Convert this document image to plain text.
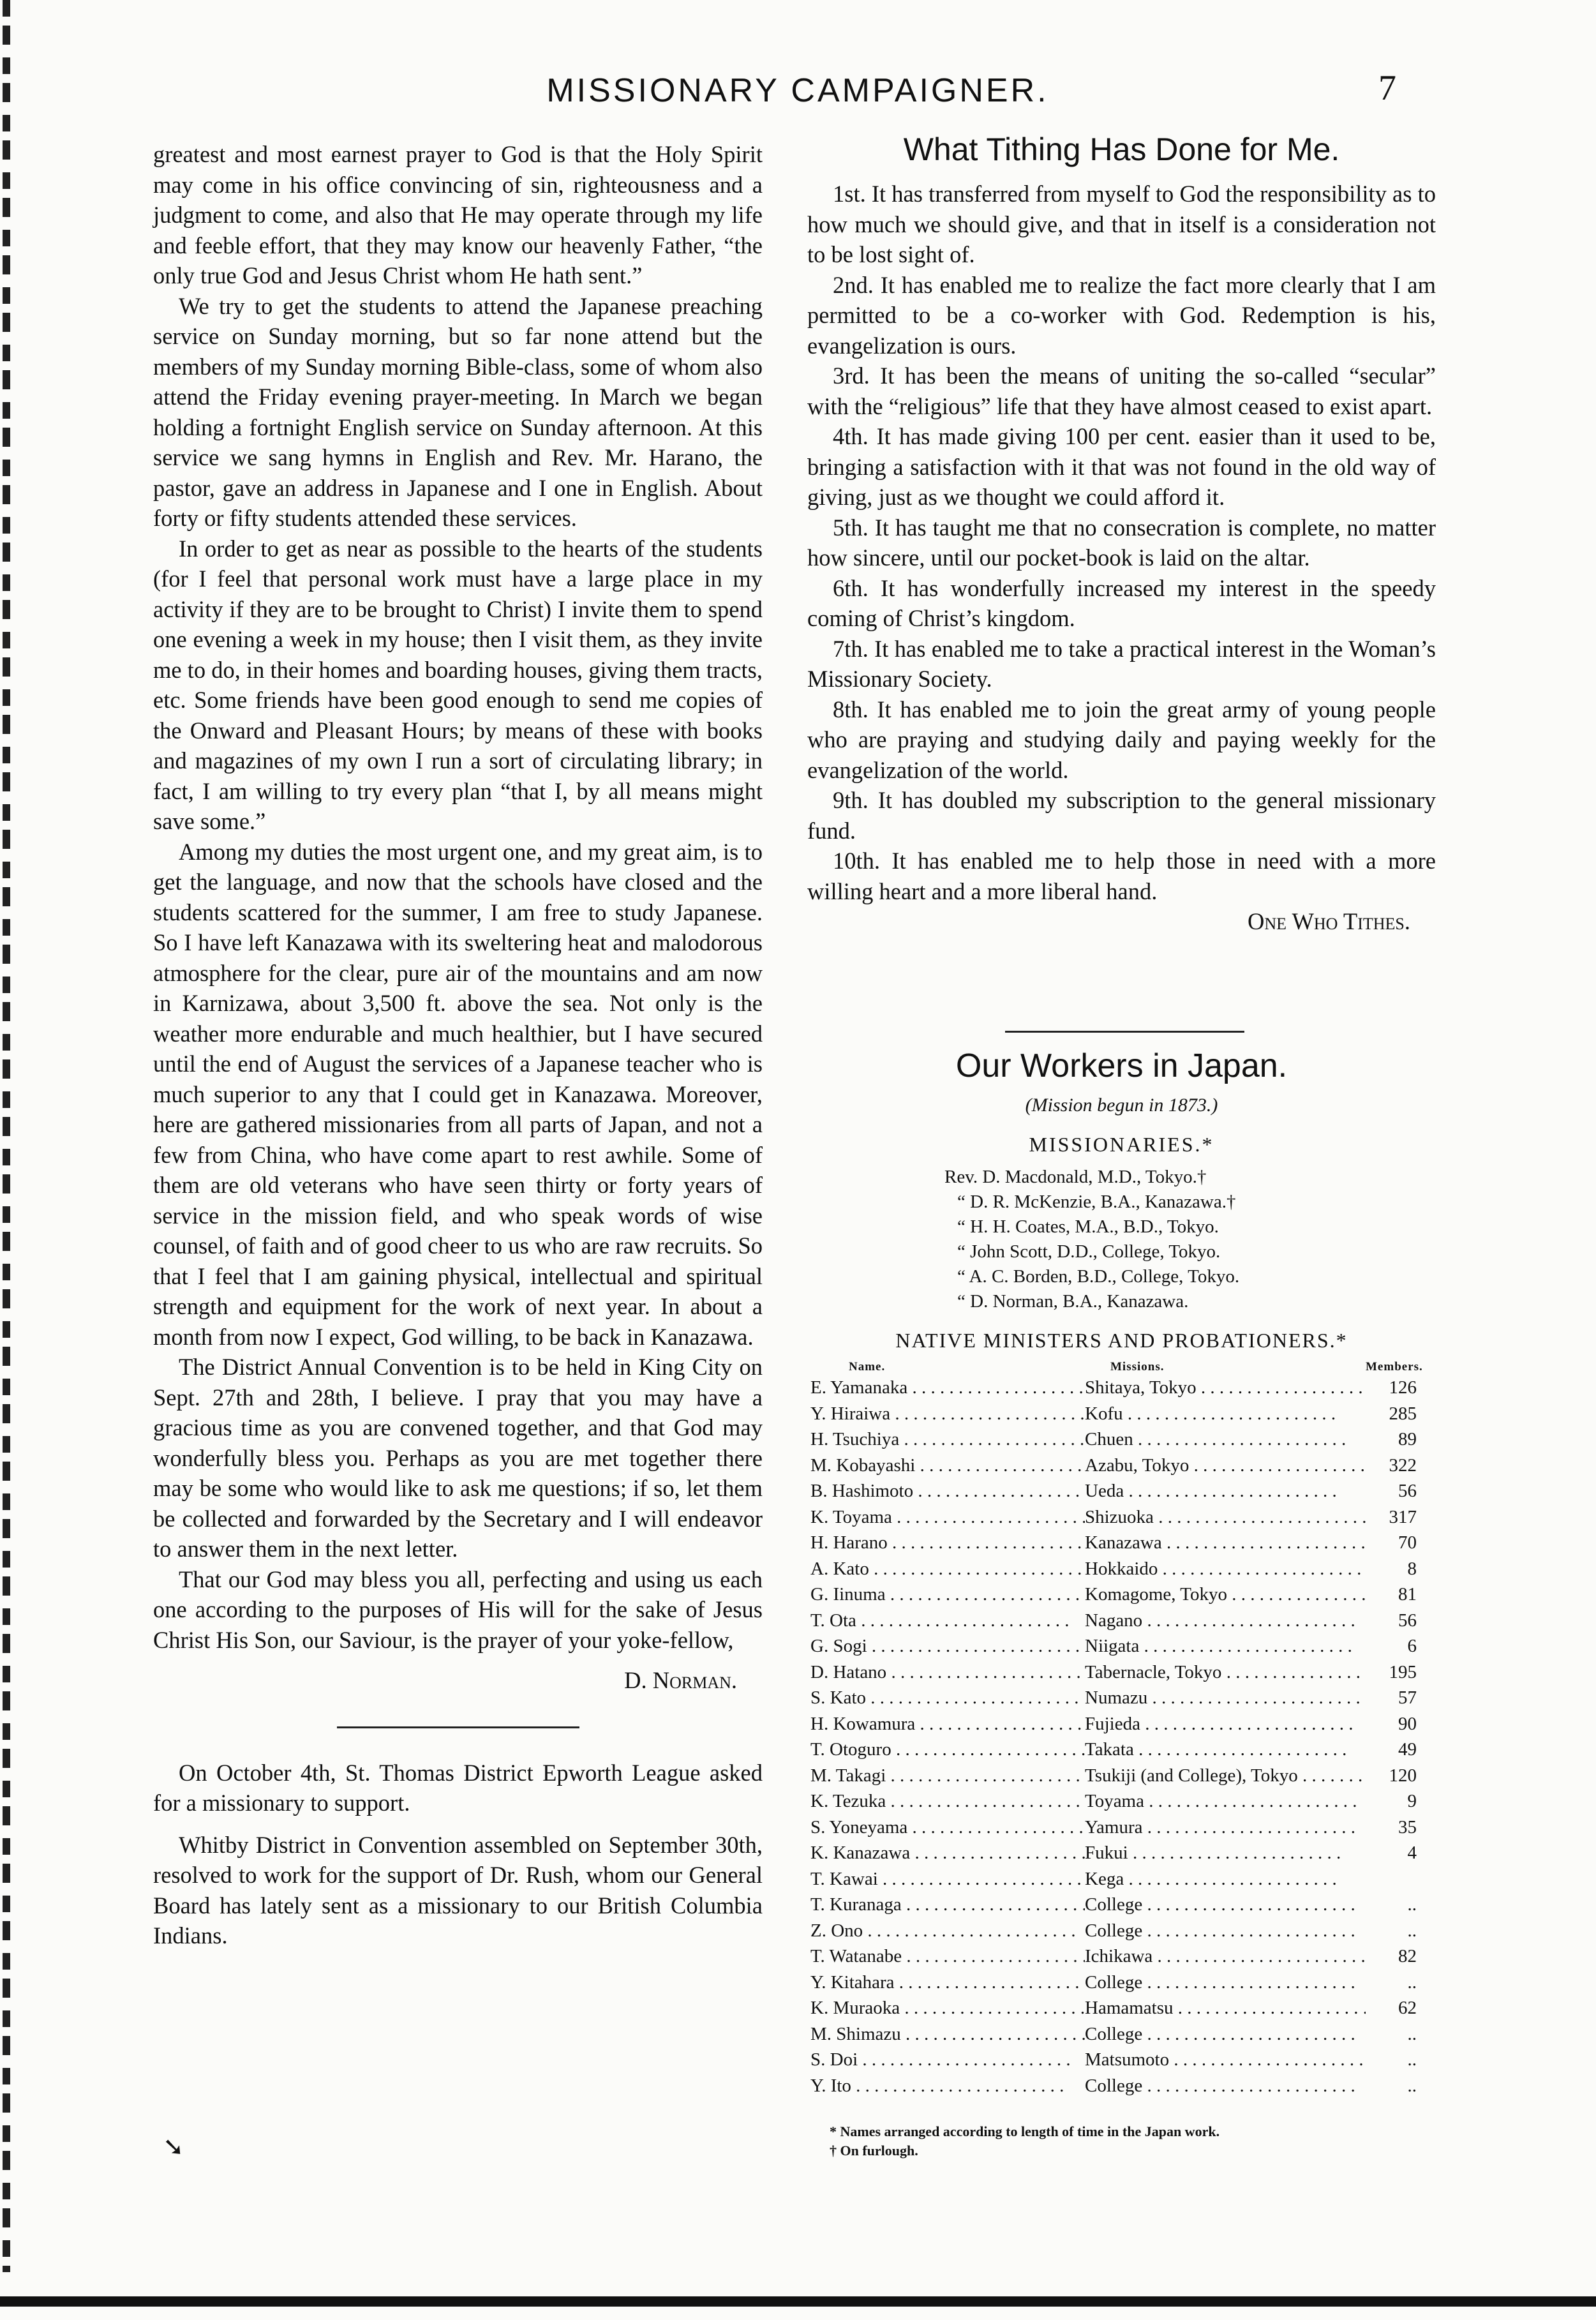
MISSIONARY CAMPAIGNER.	7

greatest and most earnest prayer to God is that the Holy Spirit may come in his office convincing of sin, righteousness and a judgment to come, and also that He may operate through my life and feeble effort, that they may know our heavenly Father, “the only true God and Jesus Christ whom He hath sent.”

We try to get the students to attend the Japanese preaching service on Sunday morning, but so far none attend but the members of my Sunday morning Bible-class, some of whom also attend the Friday evening prayer-meeting. In March we began holding a fortnight English service on Sunday afternoon. At this service we sang hymns in English and Rev. Mr. Harano, the pastor, gave an address in Japanese and I one in English. About forty or fifty students attended these services.

In order to get as near as possible to the hearts of the students (for I feel that personal work must have a large place in my activity if they are to be brought to Christ) I invite them to spend one evening a week in my house; then I visit them, as they invite me to do, in their homes and boarding houses, giving them tracts, etc. Some friends have been good enough to send me copies of the Onward and Pleasant Hours; by means of these with books and magazines of my own I run a sort of circulating library; in fact, I am willing to try every plan “that I, by all means might save some.”

Among my duties the most urgent one, and my great aim, is to get the language, and now that the schools have closed and the students scattered for the summer, I am free to study Japanese. So I have left Kanazawa with its sweltering heat and malodorous atmosphere for the clear, pure air of the mountains and am now in Karnizawa, about 3,500 ft. above the sea. Not only is the weather more endurable and much healthier, but I have secured until the end of August the services of a Japanese teacher who is much superior to any that I could get in Kanazawa. Moreover, here are gathered missionaries from all parts of Japan, and not a few from China, who have come apart to rest awhile. Some of them are old veterans who have seen thirty or forty years of service in the mission field, and who speak words of wise counsel, of faith and of good cheer to us who are raw recruits. So that I feel that I am gaining physical, intellectual and spiritual strength and equipment for the work of next year. In about a month from now I expect, God willing, to be back in Kanazawa.

The District Annual Convention is to be held in King City on Sept. 27th and 28th, I believe. I pray that you may have a gracious time as you are convened together, and that God may wonderfully bless you. Perhaps as you are met together there may be some who would like to ask me questions; if so, let them be collected and forwarded by the Secretary and I will endeavor to answer them in the next letter.

That our God may bless you all, perfecting and using us each one according to the purposes of His will for the sake of Jesus Christ His Son, our Saviour, is the prayer of your yoke-fellow,

D. Norman.

On October 4th, St. Thomas District Epworth League asked for a missionary to support.

Whitby District in Convention assembled on September 30th, resolved to work for the support of Dr. Rush, whom our General Board has lately sent as a missionary to our British Columbia Indians.

What Tithing Has Done for Me.

1st. It has transferred from myself to God the responsibility as to how much we should give, and that in itself is a consideration not to be lost sight of.

2nd. It has enabled me to realize the fact more clearly that I am permitted to be a co-worker with God. Redemption is his, evangelization is ours.

3rd. It has been the means of uniting the so-called “secular” with the “religious” life that they have almost ceased to exist apart.

4th. It has made giving 100 per cent. easier than it used to be, bringing a satisfaction with it that was not found in the old way of giving, just as we thought we could afford it.

5th. It has taught me that no consecration is complete, no matter how sincere, until our pocket-book is laid on the altar.

6th. It has wonderfully increased my interest in the speedy coming of Christ’s kingdom.

7th. It has enabled me to take a practical interest in the Woman’s Missionary Society.

8th. It has enabled me to join the great army of young people who are praying and studying daily and paying weekly for the evangelization of the world.

9th. It has doubled my subscription to the general missionary fund.

10th. It has enabled me to help those in need with a more willing heart and a more liberal hand.

One Who Tithes.
Our Workers in Japan.
(Mission begun in 1873.)
MISSIONARIES.*
Rev. D. Macdonald, M.D., Tokyo.†
“ D. R. McKenzie, B.A., Kanazawa.†
“ H. H. Coates, M.A., B.D., Tokyo.
“ John Scott, D.D., College, Tokyo.
“ A. C. Borden, B.D., College, Tokyo.
“ D. Norman, B.A., Kanazawa.
NATIVE MINISTERS AND PROBATIONERS.*
Name.	Missions.	Members.
E. Yamanaka . . .	Shitaya, Tokyo . . .	126
Y. Hiraiwa . . .	Kofu . . .	285
H. Tsuchiya . . .	Chuen . . .	89
M. Kobayashi . . .	Azabu, Tokyo . . .	322
B. Hashimoto . . .	Ueda . . .	56
K. Toyama . . .	Shizuoka . . .	317
H. Harano . . .	Kanazawa . . .	70
A. Kato . . .	Hokkaido . . .	8
G. Iinuma . . .	Komagome, Tokyo . . .	81
T. Ota . . .	Nagano . . .	56
G. Sogi . . .	Niigata . . .	6
D. Hatano . . .	Tabernacle, Tokyo . . .	195
S. Kato . . .	Numazu . . .	57
H. Kowamura . . .	Fujieda . . .	90
T. Otoguro . . .	Takata . . .	49
M. Takagi . . .	Tsukiji (and College), Tokyo . . .	120
K. Tezuka . . .	Toyama . . .	9
S. Yoneyama . . .	Yamura . . .	35
K. Kanazawa . . .	Fukui . . .	4
T. Kawai . . .	Kega . . .
T. Kuranaga . . .	College . . .	..
Z. Ono . . .	College . . .	..
T. Watanabe . . .	Ichikawa . . .	82
Y. Kitahara . . .	College . . .	..
K. Muraoka . . .	Hamamatsu . . .	62
M. Shimazu . . .	College . . .	..
S. Doi . . .	Matsumoto . . .	..
Y. Ito . . .	College . . .	..
* Names arranged according to length of time in the Japan work.
† On furlough.
➘
